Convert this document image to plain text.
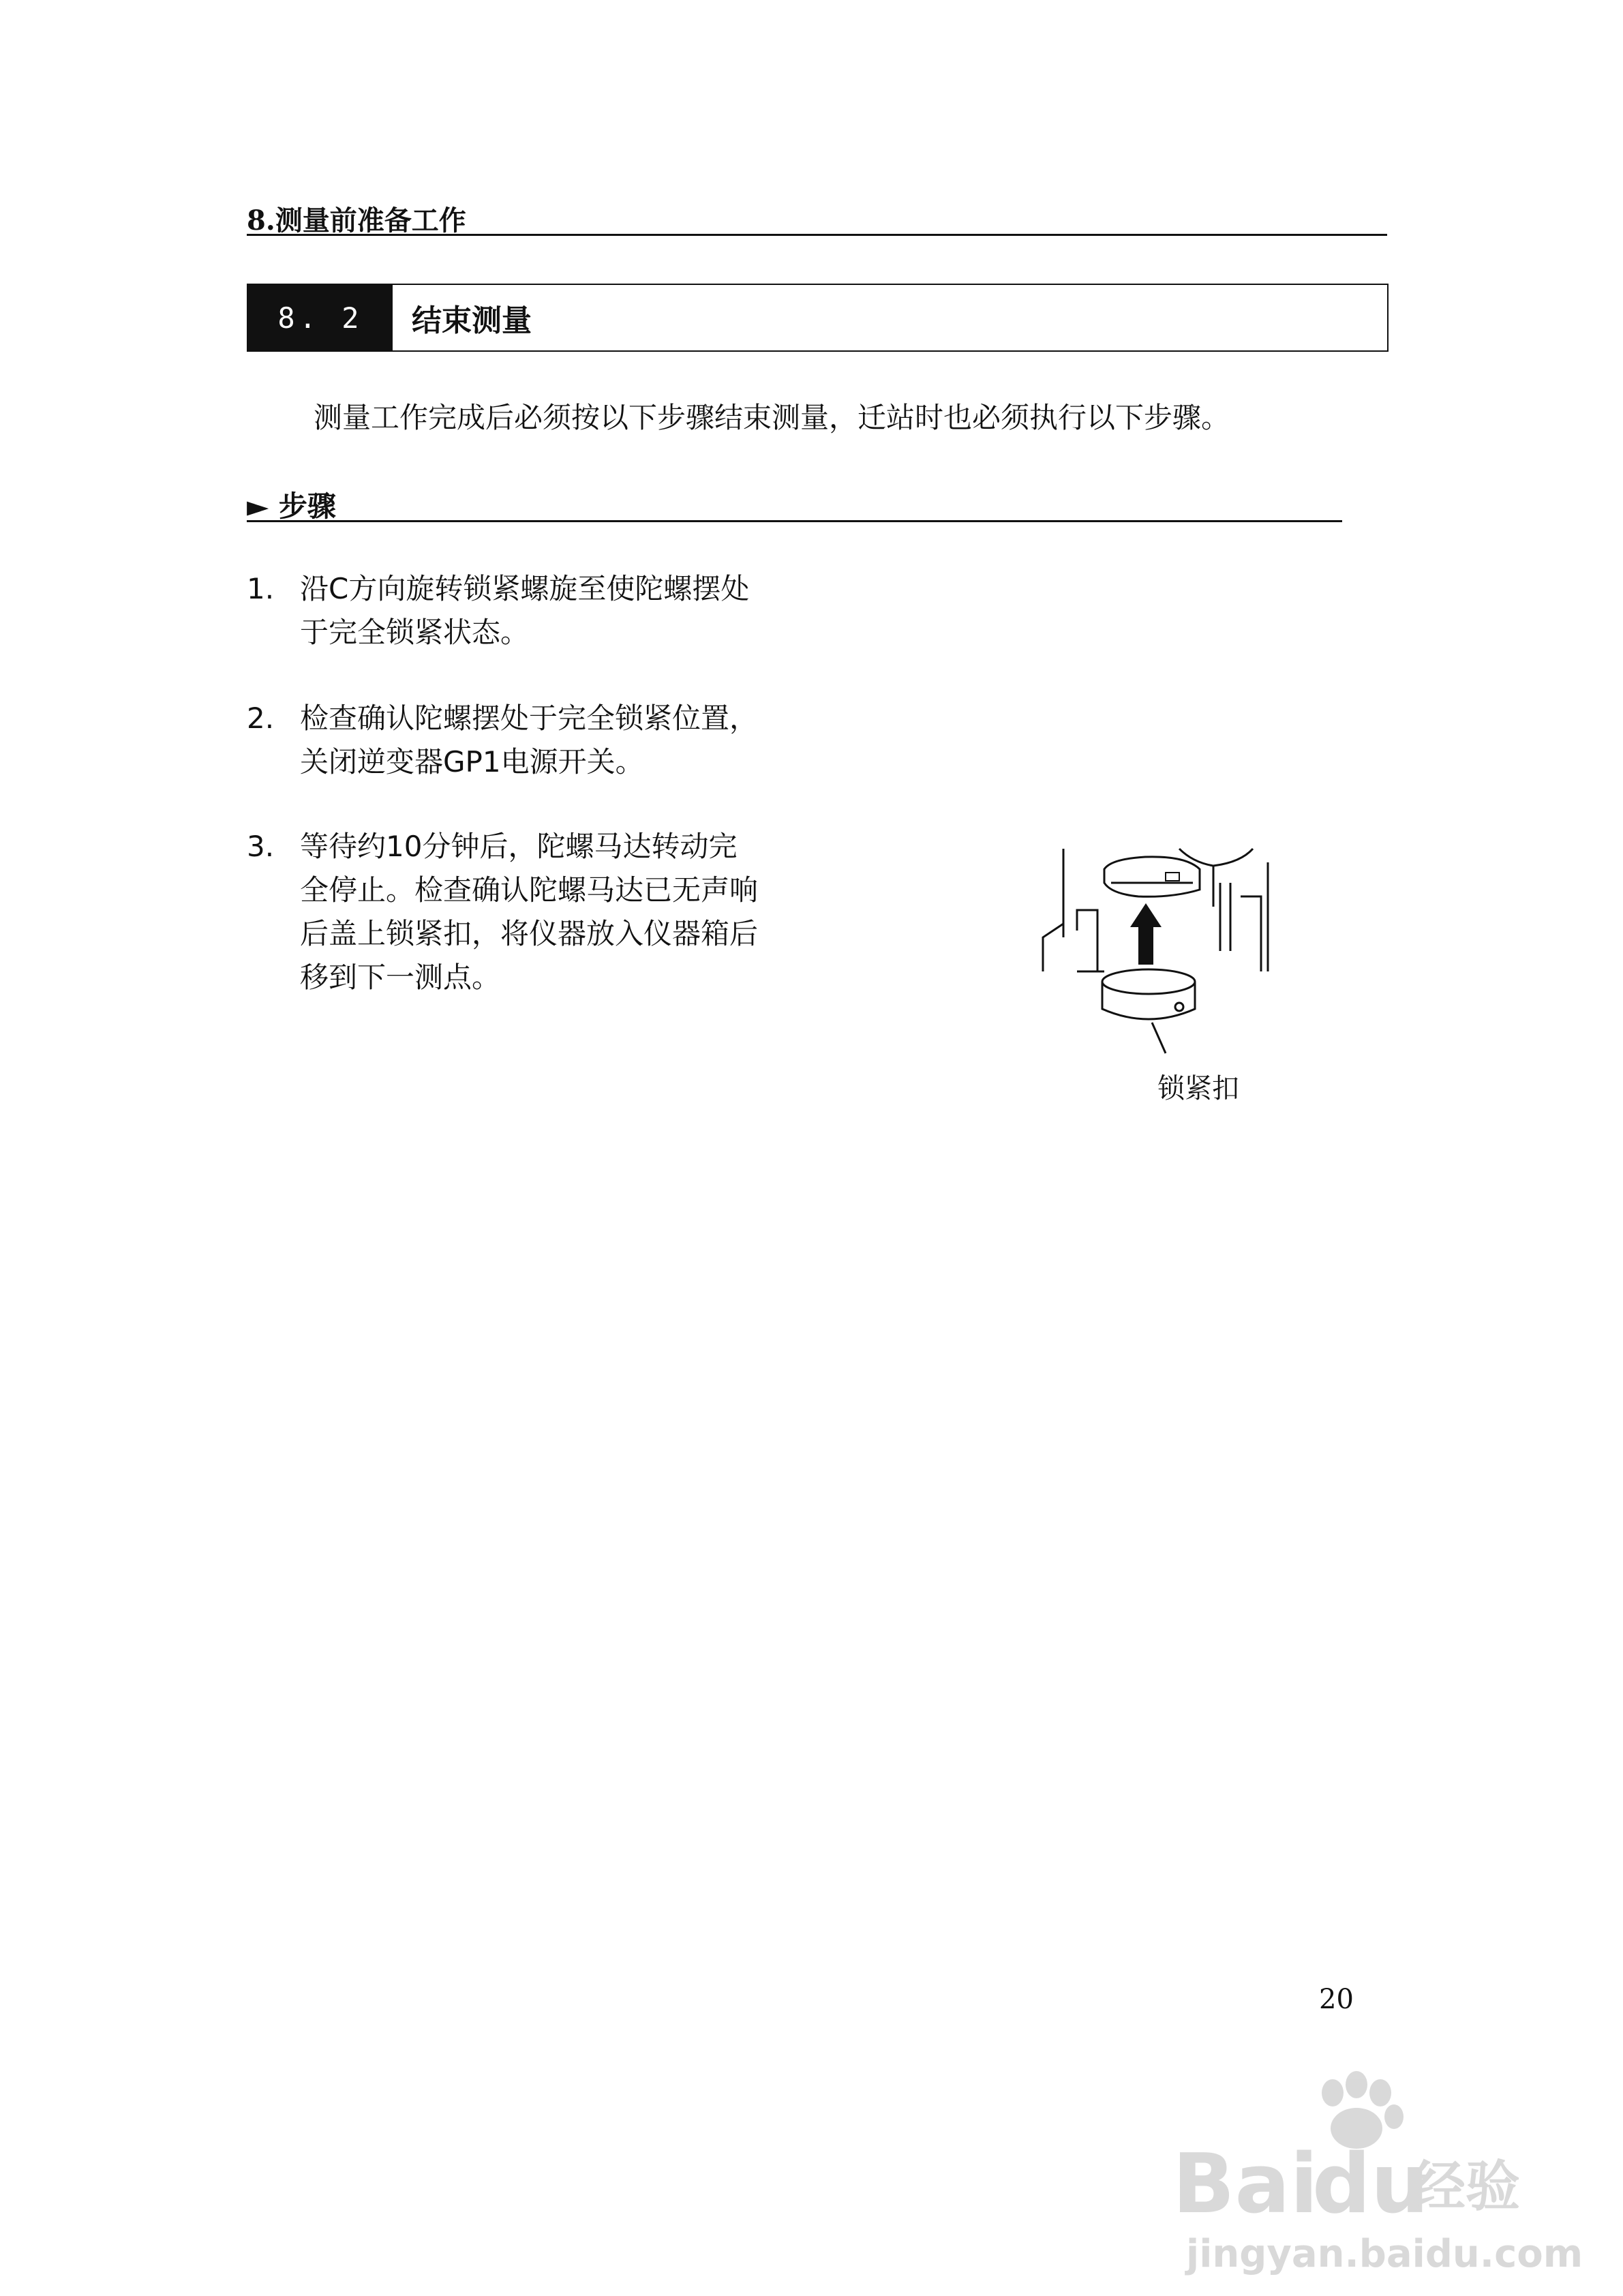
8.测量前准备工作
8. 2	结束测量
测量工作完成后必须按以下步骤结束测量，迁站时也必须执行以下步骤。
► 步骤
1. 沿C方向旋转锁紧螺旋至使陀螺摆处
于完全锁紧状态。
2. 检查确认陀螺摆处于完全锁紧位置，
关闭逆变器GP1电源开关。
3. 等待约10分钟后，陀螺马达转动完
全停止。检查确认陀螺马达已无声响
后盖上锁紧扣，将仪器放入仪器箱后
移到下一测点。
锁紧扣
20
Bai
du
经验
jingyan.baidu.com
